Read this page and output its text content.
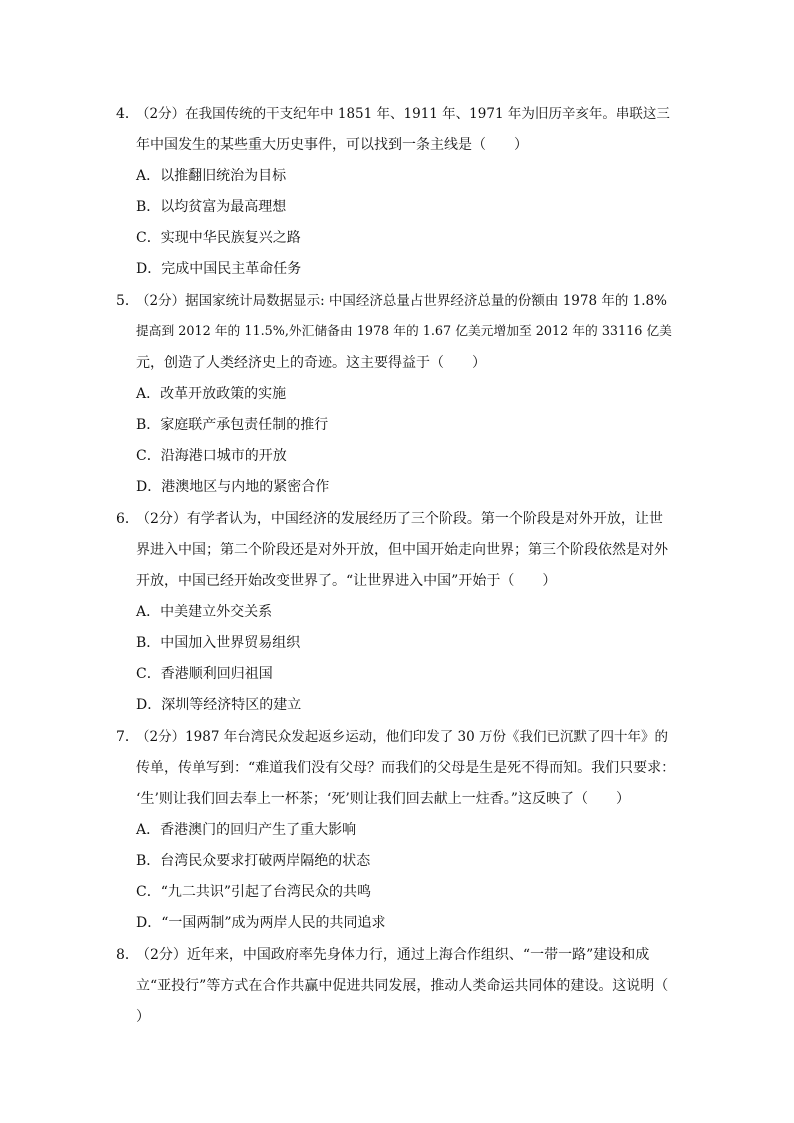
4．
（2分）在我国传统的干支纪年中 1851 年、1911 年、1971 年为旧历辛亥年。串联这三
年中国发生的某些重大历史事件，可以找到一条主线是（　　）
A．以推翻旧统治为目标
B．以均贫富为最高理想
C．实现中华民族复兴之路
D．完成中国民主革命任务
5．
（2分）据国家统计局数据显示: 中国经济总量占世界经济总量的份额由 1978 年的 1.8%
提高到 2012 年的 11.5%,外汇储备由 1978 年的 1.67 亿美元增加至 2012 年的 33116 亿美
元，创造了人类经济史上的奇迹。这主要得益于（　　）
A．改革开放政策的实施
B．家庭联产承包责任制的推行
C．沿海港口城市的开放
D．港澳地区与内地的紧密合作
6．
（2分）有学者认为，中国经济的发展经历了三个阶段。第一个阶段是对外开放，让世
界进入中国；第二个阶段还是对外开放，但中国开始走向世界；第三个阶段依然是对外
开放，中国已经开始改变世界了。“让世界进入中国”开始于（　　）
A．中美建立外交关系
B．中国加入世界贸易组织
C．香港顺利回归祖国
D．深圳等经济特区的建立
7．
（2分）1987 年台湾民众发起返乡运动，他们印发了 30 万份《我们已沉默了四十年》的
传单，传单写到：“难道我们没有父母？而我们的父母是生是死不得而知。我们只要求：
‘生’则让我们回去奉上一杯茶；‘死’则让我们回去献上一炷香。”这反映了（　　）
A．香港澳门的回归产生了重大影响
B．台湾民众要求打破两岸隔绝的状态
C．“九二共识”引起了台湾民众的共鸣
D．“一国两制”成为两岸人民的共同追求
8．
（2分）近年来，中国政府率先身体力行，通过上海合作组织、“一带一路”建设和成
立“亚投行”等方式在合作共赢中促进共同发展，推动人类命运共同体的建设。这说明（
）
